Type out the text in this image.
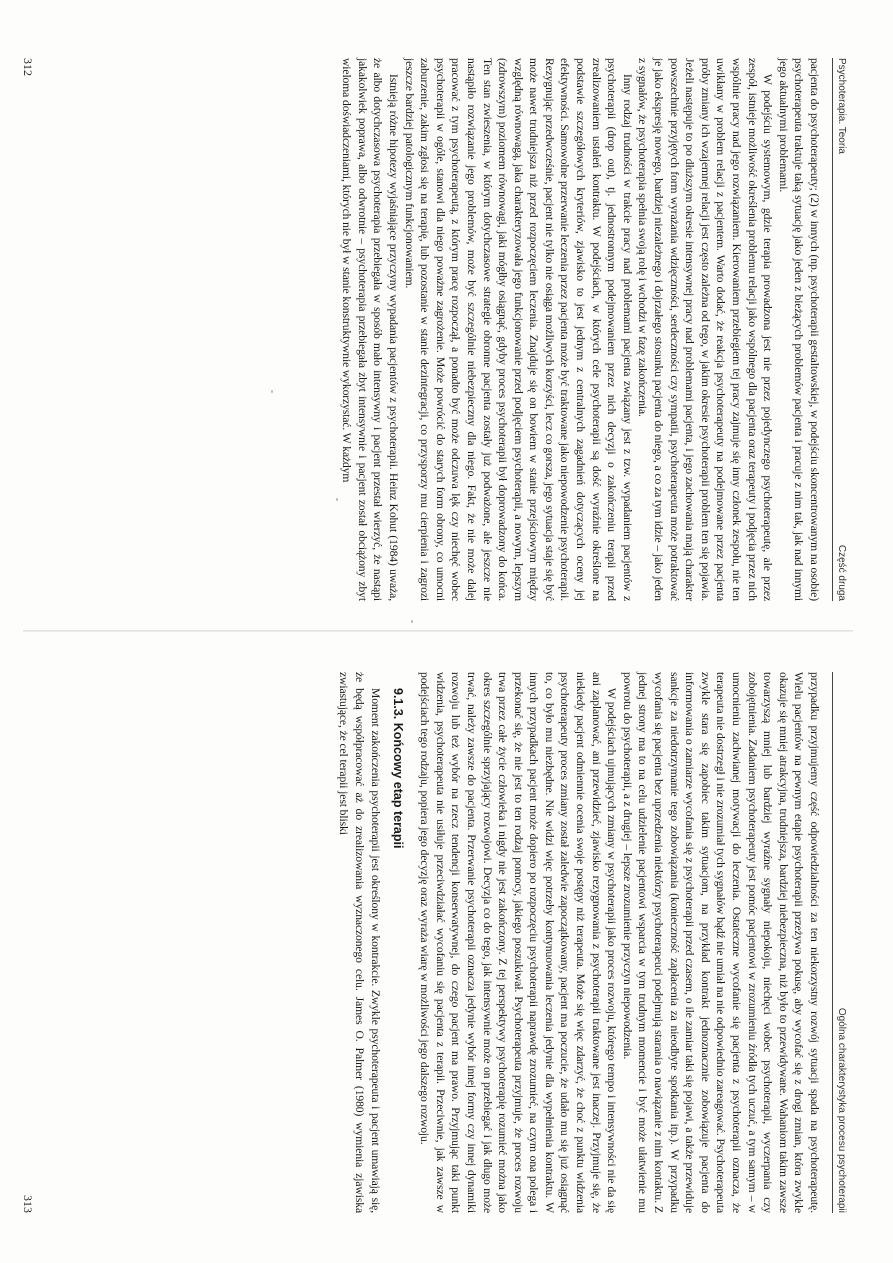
Psychoterapia. Teoria
Część druga

pacjenta do psychoterapeuty; (2) w innych (np. psychoterapii gestaltowskiej, w podejściu skoncentrowanym na osobie) psychoterapeuta traktuje taką sytuację jako jeden z bieżących problemów pacjenta i pracuje z nim tak, jak nad innymi jego aktualnymi problemami.

W podejściu systemowym, gdzie terapia prowadzona jest nie przez pojedynczego psychoterapeutę, ale przez zespół, istnieje możliwość określenia problemu relacji jako wspólnego dla pacjenta oraz terapeuty i podjęcia przez nich wspólnie pracy nad jego rozwiązaniem. Kierowaniem przebiegiem tej pracy zajmuje się inny członek zespołu, nie ten uwikłany w problem relacji z pacjentem. Warto dodać, że reakcja psychoterapeuty na podejmowane przez pacjenta próby zmiany ich wzajemnej relacji jest często zależna od tego, w jakim okresie psychoterapii problem ten się pojawia. Jeżeli następuje to po dłuższym okresie intensywnej pracy nad problemami pacjenta, i jego zachowania mają charakter powszechnie przyjętych form wyrażania wdzięczności, serdeczności czy sympatii, psychoterapeuta może potraktować je jako ekspresję nowego, bardziej niezależnego i dojrzałego stosunku pacjenta do niego, a co za tym idzie – jako jeden z sygnałów, że psychoterapia spełnia swoją rolę i wchodzi w fazę zakończenia.

Inny rodzaj trudności w trakcie pracy nad problemami pacjenta związany jest z tzw. wypadaniem pacjentów z psychoterapii (drop out), tj. jednostronnym podejmowaniem przez nich decyzji o zakończeniu terapii przed zrealizowaniem ustaleń kontraktu. W podejściach, w których cele psychoterapii są dość wyraźnie określone na podstawie szczegółowych kryteriów, zjawisko to jest jednym z centralnych zagadnień dotyczących oceny jej efektywności. Samowolne przerwanie leczenia przez pacjenta może być traktowane jako niepowodzenie psychoterapii. Rezygnując przedwcześnie, pacjent nie tylko nie osiąga możliwych korzyści, lecz co gorsza, jego sytuacja staje się być może nawet trudniejsza niż przed rozpoczęciem leczenia. Znajduje się on bowiem w stanie przejściowym między względną równowagą, jaka charakteryzowała jego funkcjonowanie przed podjęciem psychoterapii, a nowym, lepszym (zdrowszym) poziomem równowagi, jaki mógłby osiągnąć, gdyby proces psychoterapii był doprowadzony do końca. Ten stan zwieszenia, w którym dotychczasowe strategie obronne pacjenta zostały już podważone, ale jeszcze nie nastąpiło rozwiązanie jego problemów, może być szczególnie niebezpieczny dla niego. Fakt, że nie może dalej pracować z tym psychoterapeutą, z którym pracę rozpoczął, a ponadto być może odczuwa lęk czy niechęć wobec psychoterapii w ogóle, stanowi dla niego poważne zagrożenie. Może powrócić do starych form obrony, co umocni zaburzenie, zakim zgłosi się na terapię, lub pozostanie w stanie dezintegracji, co przysporzy mu cierpienia i zagrozi jeszcze bardziej patologicznym funkcjonowaniem.

Istnieją różne hipotezy wyjaśniające przyczyny wypadania pacjentów z psychoterapii. Heinz Kohut (1984) uważa, że albo dotychczasowa psychoterapia przebiegała w sposób mało intensywny i pacjent przestał wierzyć, że nastąpi jakakolwiek poprawa, albo odwrotnie – psychoterapia przebiegała zbyt intensywnie i pacjent został obciążony zbyt wieloma doświadczeniami, których nie był w stanie konstruktywnie wykorzystać. W każdym

312
Ogólna charakterystyka procesu psychoterapii

przypadku przyjmujemy część odpowiedzialności za ten niekorzystny rozwój sytuacji spada na psychoterapeutę. Wielu pacjentów na pewnym etapie psychoterapii przeżywa pokusę, aby wycofać się z drogi zmian, która zwykle okazuje się mniej atrakcyjna, trudniejsza, bardziej niebezpieczna, niż było to przewidywane. Wahaniom takim zawsze towarzyszą mniej lub bardziej wyraźne sygnały niepokoju, niechęci wobec psychoterapii, wyczerpania czy zobojętnienia. Zadaniem psychoterapeuty jest pomóc pacjentowi w zrozumieniu źródła tych uczuć, a tym samym – w umocnieniu zachwianej motywacji do leczenia. Ostateczne wycofanie się pacjenta z psychoterapii oznacza, że terapeuta nie dostrzegł i nie zrozumiał tych sygnałów bądź nie umiał na nie odpowiednio zareagować. Psychoterapeuta zwykle stara się zapobiec takim sytuacjom, na przykład kontrakt jednoznacznie zobowiązuje pacjenta do informowania o zamiarze wycofania się z psychoterapii przed czasem, o ile zamiar taki się pojawi, a także przewiduje sankcje za niedotrzymanie tego zobowiązania (konieczność zapłacenia za nieodbyte spotkania itp.). W przypadku wycofania się pacjenta bez uprzedzenia niektórzy psychoterapeuci podejmują starania o nawiązanie z nim kontaktu. Z jednej strony ma to na celu udzielenie pacjentowi wsparcia w tym trudnym momencie i być może ułatwienie mu powrotu do psychoterapii, a z drugiej – lepsze zrozumienie przyczyn niepowodzenia.

W podejściach ujmujących zmiany w psychoterapii jako proces rozwoju, którego tempo i intensywności nie da się ani zaplanować, ani przewidzieć, zjawisko rezygnowania z psychoterapii traktowane jest inaczej. Przyjmuje się, że niekiedy pacjent odmiennie ocenia swoje postępy niż terapeuta. Może się więc zdarzyć, że choć z punktu widzenia psychoterapeuty proces zmiany został zaledwie zapoczątkowany, pacjent ma poczucie, że udało mu się już osiągnąć to, co było mu niezbędne. Nie widzi więc potrzeby kontynuowania leczenia jedynie dla wypełnienia kontraktu. W innych przypadkach pacjent może dopiero po rozpoczęciu psychoterapii naprawdę zrozumieć, na czym ona polega i przekonać się, że nie jest to ten rodzaj pomocy, jakiego poszukiwał. Psychoterapeuta przyjmuje, że proces rozwoju trwa przez całe życie człowieka i nigdy nie jest zakończony. Z tej perspektywy psychoterapię rozumieć można jako okres szczególnie sprzyjający rozwojowi. Decyzja co do tego, jak intensywnie może on przebiegać i jak długo może trwać, należy zawsze do pacjenta. Przerwanie psychoterapii oznacza jedynie wybór innej formy czy innej dynamiki rozwoju lub też wybór na rzecz tendencji konserwatywnej, do czego pacjent ma prawo. Przyjmując taki punkt widzenia, psychoterapeuta nie usiłuje przeciwdziałać wycofaniu się pacjenta z terapii. Przeciwnie, jak zawsze w podejściach tego rodzaju, popiera jego decyzję oraz wyraża wiarę w możliwości jego dalszego rozwoju.

9.1.3. Końcowy etap terapii

Moment zakończenia psychoterapii jest określony w kontrakcie. Zwykle psychoterapeuta i pacjent umawiają się, że będą współpracować aż do zrealizowania wyznaczonego celu. James O. Palmer (1980) wymienia zjawiska zwiastujące, że cel terapii jest bliski

313
